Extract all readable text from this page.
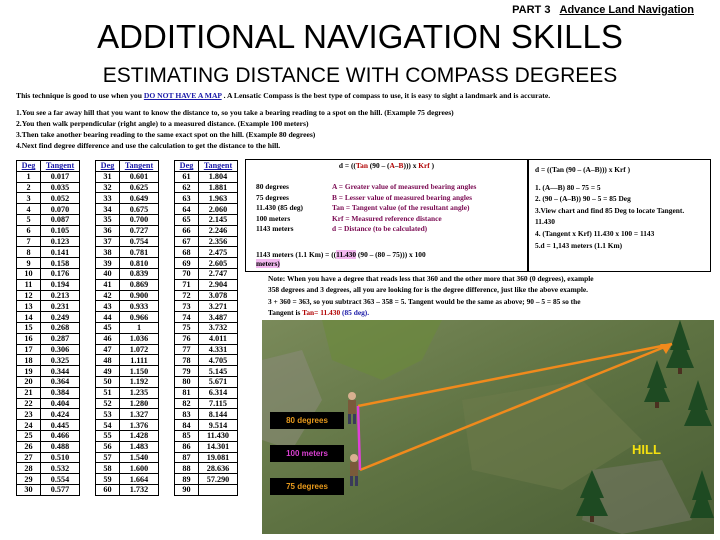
PART 3 Advance Land Navigation
ADDITIONAL NAVIGATION SKILLS
ESTIMATING DISTANCE WITH COMPASS DEGREES
This technique is good to use when you DO NOT HAVE A MAP . A Lensatic Compass is the best type of compass to use, it is easy to sight a landmark and is accurate.
1.You see a far away hill that you want to know the distance to, so you take a bearing reading to a spot on the hill. (Example 75 degrees)
2.You then walk perpendicular (right angle) to a measured distance. (Example 100 meters)
3.Then take another bearing reading to the same exact spot on the hill. (Example 80 degrees)
4.Next find degree difference and use the calculation to get the distance to the hill.
Deg	Tangent
1	0.017
2	0.035
3	0.052
4	0.070
5	0.087
6	0.105
7	0.123
8	0.141
9	0.158
10	0.176
11	0.194
12	0.213
13	0.231
14	0.249
15	0.268
16	0.287
17	0.306
18	0.325
19	0.344
20	0.364
21	0.384
22	0.404
23	0.424
24	0.445
25	0.466
26	0.488
27	0.510
28	0.532
29	0.554
30	0.577
Deg	Tangent
31	0.601
32	0.625
33	0.649
34	0.675
35	0.700
36	0.727
37	0.754
38	0.781
39	0.810
40	0.839
41	0.869
42	0.900
43	0.933
44	0.966
45	1
46	1.036
47	1.072
48	1.111
49	1.150
50	1.192
51	1.235
52	1.280
53	1.327
54	1.376
55	1.428
56	1.483
57	1.540
58	1.600
59	1.664
60	1.732
Deg	Tangent
61	1.804
62	1.881
63	1.963
64	2.060
65	2.145
66	2.246
67	2.356
68	2.475
69	2.605
70	2.747
71	2.904
72	3.078
73	3.271
74	3.487
75	3.732
76	4.011
77	4.331
78	4.705
79	5.145
80	5.671
81	6.314
82	7.115
83	8.144
84	9.514
85	11.430
86	14.301
87	19.081
88	28.636
89	57.290
90	
d = ((Tan (90 – (A–B))) x Krf )
80 degrees	A = Greater value of measured bearing angles
75 degrees	B = Lesser value of measured bearing angles
11.430 (85 deg)	Tan = Tangent value (of the resultant angle)
100 meters	Krf = Measured reference distance
1143 meters	d = Distance (to be calculated)
1143 meters (1.1 Km) = ((11.430 (90 – (80 – 75))) x 100
meters)
d = ((Tan (90 – (A–B))) x Krf )
1. (A—B) 80 – 75 = 5
2. (90 – (A–B)) 90 – 5 = 85 Deg
3.View chart and find 85 Deg to locate Tangent. 11.430
4. (Tangent x Krf) 11.430 x 100 = 1143
5.d = 1,143 meters (1.1 Km)
Note: When you have a degree that reads less that 360 and the other more that 360 (0 degrees), example
358 degrees and 3 degrees, all you are looking for is the degree difference, just like the above example.
3 + 360 = 363, so you subtract 363 – 358 = 5. Tangent would be the same as above; 90 – 5 = 85 so the
Tangent is Tan= 11.430 (85 deg).
80 degrees
100 meters
75 degrees
HILL
